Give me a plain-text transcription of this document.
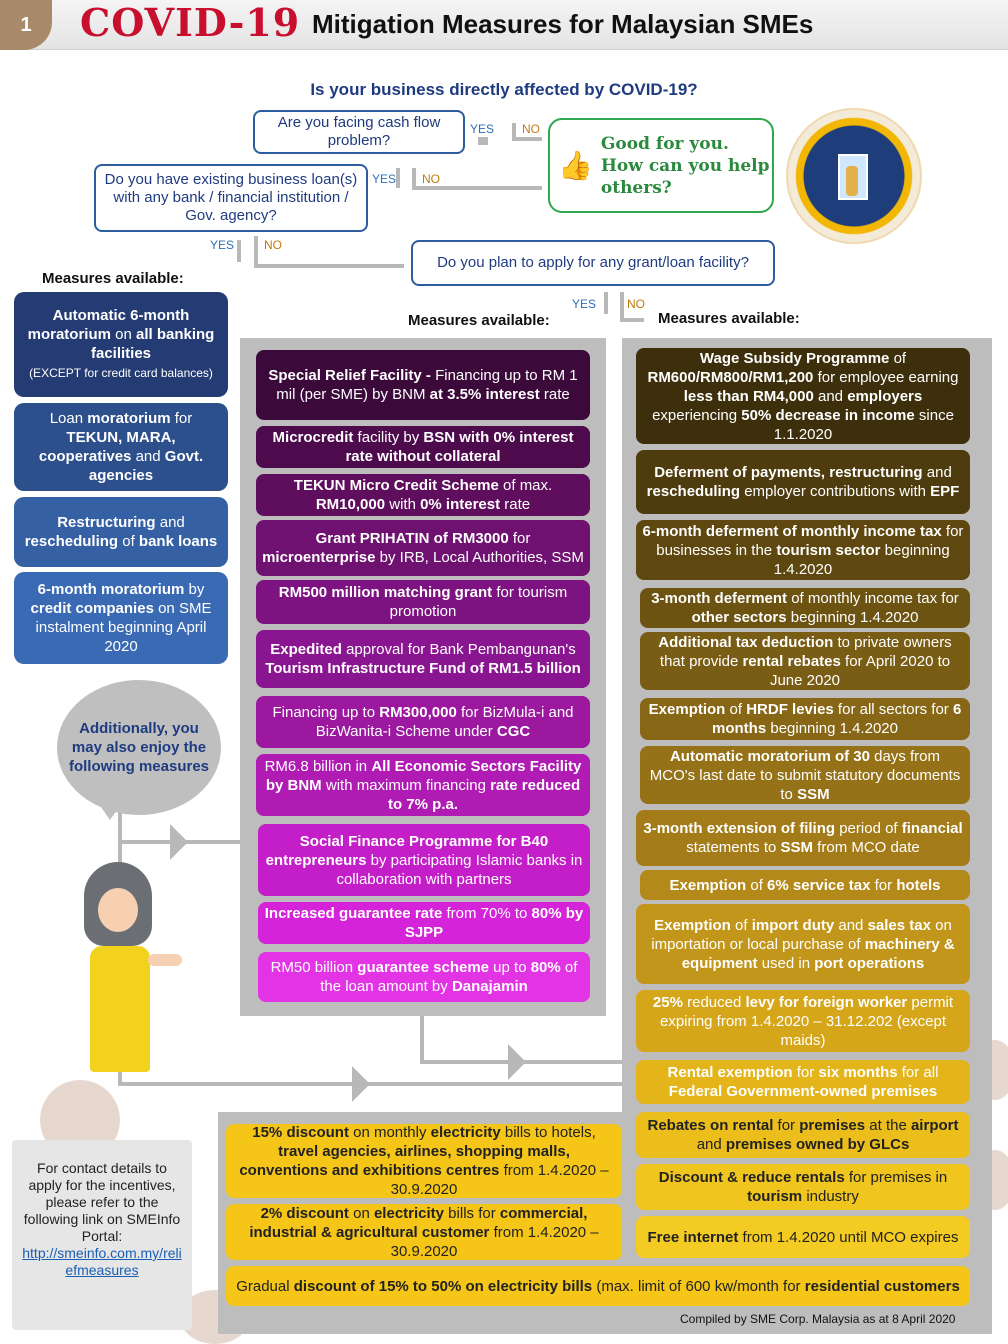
1	COVID-19 Mitigation Measures for Malaysian SMEs
Is your business directly affected by COVID-19?
Are you facing cash flow problem?
Do you have existing business loan(s) with any bank / financial institution / Gov. agency?
Do you plan to apply for any grant/loan facility?
👍
Good for you. How can you help others?
YES NO
YES NO
YES NO
YES	NO
Measures available:
Measures available:	Measures available:
Automatic 6-month moratorium on all banking facilities
(EXCEPT for credit card balances)
Loan moratorium for TEKUN, MARA, cooperatives and Govt. agencies
Restructuring and rescheduling of bank loans
6-month moratorium by credit companies on SME instalment beginning April 2020
Additionally, you may also enjoy the following measures
Special Relief Facility - Financing up to RM 1 mil (per SME) by BNM at 3.5% interest rate
Microcredit facility by BSN with 0% interest rate without collateral
TEKUN Micro Credit Scheme of max. RM10,000 with 0% interest rate
Grant PRIHATIN of RM3000 for microenterprise by IRB, Local Authorities, SSM
RM500 million matching grant for tourism promotion
Expedited approval for Bank Pembangunan's Tourism Infrastructure Fund of RM1.5 billion
Financing up to RM300,000 for BizMula-i and BizWanita-i Scheme under CGC
RM6.8 billion in All Economic Sectors Facility by BNM with maximum financing rate reduced to 7% p.a.
Social Finance Programme for B40 entrepreneurs by participating Islamic banks in collaboration with partners
Increased guarantee rate from 70% to 80% by SJPP
RM50 billion guarantee scheme up to 80% of the loan amount by Danajamin
Wage Subsidy Programme of RM600/RM800/RM1,200 for employee earning less than RM4,000 and employers experiencing 50% decrease in income since 1.1.2020
Deferment of payments, restructuring and rescheduling employer contributions with EPF
6-month deferment of monthly income tax for businesses in the tourism sector beginning 1.4.2020
3-month deferment of monthly income tax for other sectors beginning 1.4.2020
Additional tax deduction to private owners that provide rental rebates for April 2020 to June 2020
Exemption of HRDF levies for all sectors for 6 months beginning 1.4.2020
Automatic moratorium of 30 days from MCO's last date to submit statutory documents to SSM
3-month extension of filing period of financial statements to SSM from MCO date
Exemption of 6% service tax for hotels
Exemption of import duty and sales tax on importation or local purchase of machinery & equipment used in port operations
25% reduced levy for foreign worker permit expiring from 1.4.2020 – 31.12.202 (except maids)
Rental exemption for six months for all Federal Government-owned premises
Rebates on rental for premises at the airport and premises owned by GLCs
Discount & reduce rentals for premises in tourism industry
Free internet from 1.4.2020 until MCO expires
15% discount on monthly electricity bills to hotels, travel agencies, airlines, shopping malls, conventions and exhibitions centres from 1.4.2020 – 30.9.2020
2% discount on electricity bills for commercial, industrial & agricultural customer from 1.4.2020 – 30.9.2020
Gradual discount of 15% to 50% on electricity bills (max. limit of 600 kw/month for residential customers
For contact details to apply for the incentives, please refer to the following link on SMEInfo Portal:
http://smeinfo.com.my/reliefmeasures
Compiled by SME Corp. Malaysia as at 8 April 2020
